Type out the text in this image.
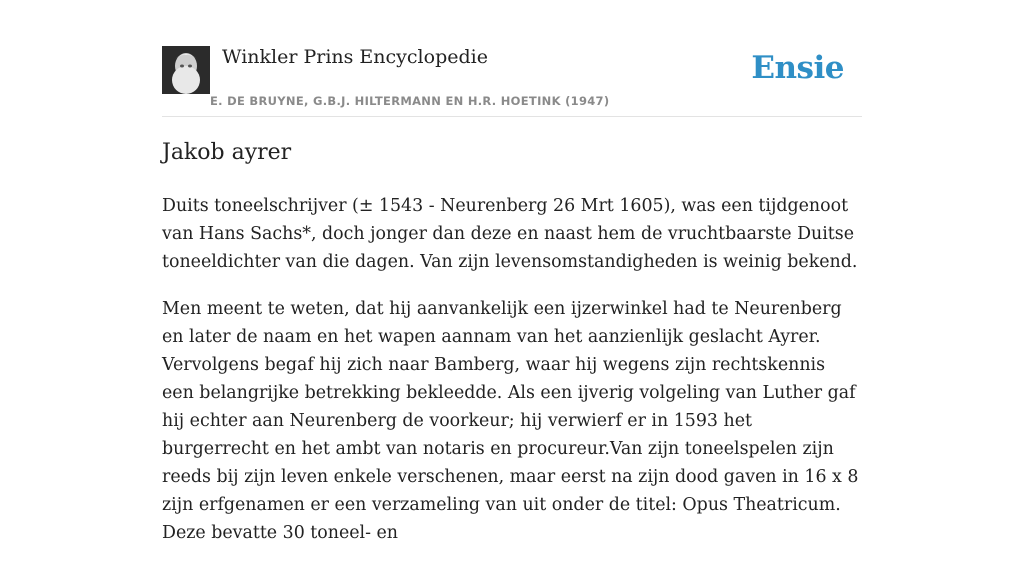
Winkler Prins Encyclopedie
E. DE BRUYNE, G.B.J. HILTERMANN EN H.R. HOETINK (1947)
Ensie
Jakob ayrer

Duits toneelschrijver (± 1543 - Neurenberg 26 Mrt 1605), was een tijdgenoot van Hans Sachs*, doch jonger dan deze en naast hem de vruchtbaarste Duitse toneeldichter van die dagen. Van zijn levensomstandigheden is weinig bekend.

Men meent te weten, dat hij aanvankelijk een ijzerwinkel had te Neurenberg en later de naam en het wapen aannam van het aanzienlijk geslacht Ayrer. Vervolgens begaf hij zich naar Bamberg, waar hij wegens zijn rechtskennis een belangrijke betrekking bekleedde. Als een ijverig volgeling van Luther gaf hij echter aan Neurenberg de voorkeur; hij verwierf er in 1593 het burgerrecht en het ambt van notaris en procureur.Van zijn toneelspelen zijn reeds bij zijn leven enkele verschenen, maar eerst na zijn dood gaven in 16 x 8 zijn erfgenamen er een verzameling van uit onder de titel: Opus Theatricum. Deze bevatte 30 toneel- en
